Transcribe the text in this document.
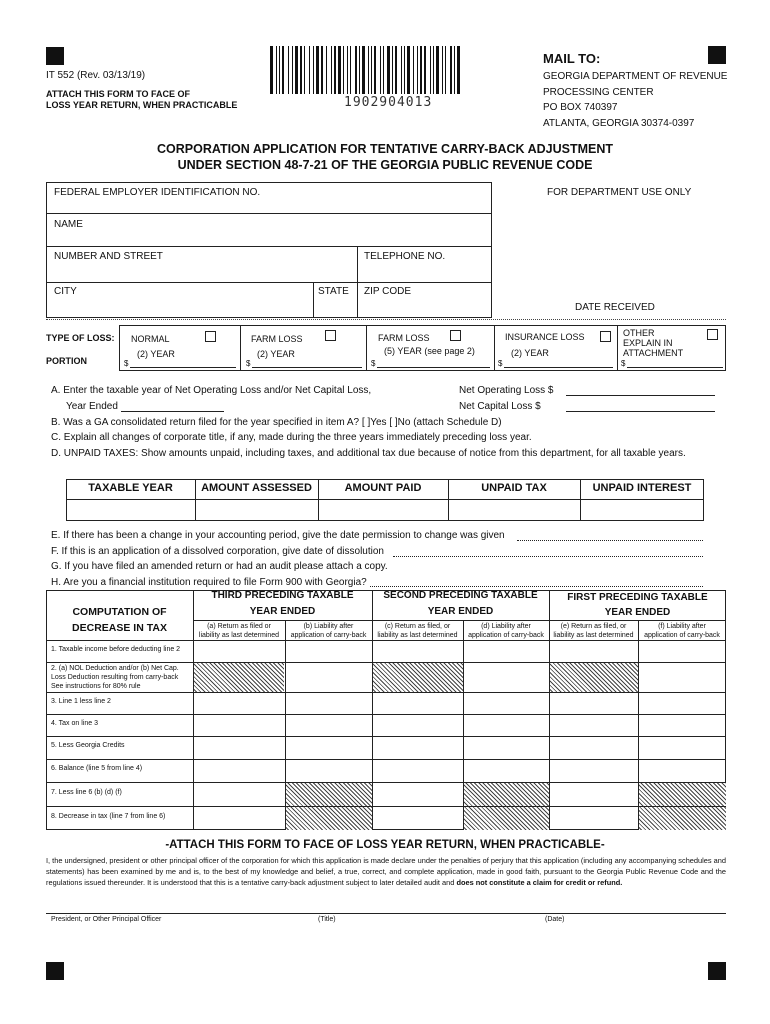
IT 552 (Rev. 03/13/19)
ATTACH THIS FORM TO FACE OF
LOSS YEAR RETURN, WHEN PRACTICABLE	1902904013
MAIL TO:
GEORGIA DEPARTMENT OF REVENUE
PROCESSING CENTER
PO BOX 740397
ATLANTA, GEORGIA 30374-0397
CORPORATION APPLICATION FOR TENTATIVE CARRY-BACK ADJUSTMENT
UNDER SECTION 48-7-21 OF THE GEORGIA PUBLIC REVENUE CODE
FEDERAL EMPLOYER IDENTIFICATION NO.
NAME
NUMBER AND STREET	TELEPHONE NO.
CITY	STATE ZIP CODE
FOR DEPARTMENT USE ONLY
DATE RECEIVED
TYPE OF LOSS:
PORTION
NORMAL
(2) YEAR
$
FARM LOSS
(2) YEAR
$
FARM LOSS
(5) YEAR (see page 2)
$
INSURANCE LOSS
(2) YEAR
$
OTHER
EXPLAIN IN
ATTACHMENT
$
A. Enter the taxable year of Net Operating Loss and/or Net Capital Loss,
Year Ended
Net Operating Loss $
Net Capital Loss $
B. Was a GA consolidated return filed for the year specified in item A? [ ]Yes [ ]No (attach Schedule D)
C. Explain all changes of corporate title, if any, made during the three years immediately preceding loss year.
D. UNPAID TAXES: Show amounts unpaid, including taxes, and additional tax due because of notice from this department, for all taxable years.
TAXABLE YEAR	AMOUNT ASSESSED	AMOUNT PAID	UNPAID TAX	UNPAID INTEREST
E. If there has been a change in your accounting period, give the date permission to change was given
F. If this is an application of a dissolved corporation, give date of dissolution
G. If you have filed an amended return or had an audit please attach a copy.
H. Are you a financial institution required to file Form 900 with Georgia?
COMPUTATION OF
DECREASE IN TAX
THIRD PRECEDING TAXABLE
YEAR ENDED
SECOND PRECEDING TAXABLE
YEAR ENDED
FIRST PRECEDING TAXABLE
YEAR ENDED
(a) Return as filed or
liability as last determined
(b) Liability after
application of carry-back
(c) Return as filed, or
liability as last determined
(d) Liability after
application of carry-back
(e) Return as filed, or
liability as last determined
(f) Liability after
application of carry-back
1. Taxable income before deducting line 2
2. (a) NOL Deduction and/or (b) Net Cap. Loss Deduction resulting from carry-back See instructions for 80% rule
3. Line 1 less line 2
4. Tax on line 3
5. Less Georgia Credits
6. Balance (line 5 from line 4)
7. Less line 6 (b) (d) (f)
8. Decrease in tax (line 7 from line 6)
-ATTACH THIS FORM TO FACE OF LOSS YEAR RETURN, WHEN PRACTICABLE-
I, the undersigned, president or other principal officer of the corporation for which this application is made declare under the penalties of perjury that this application (including any accompanying schedules and statements) has been examined by me and is, to the best of my knowledge and belief, a true, correct, and complete application, made in good faith, pursuant to the Georgia Public Revenue Code and the regulations issued thereunder. It is understood that this is a tentative carry-back adjustment subject to later detailed audit and does not constitute a claim for credit or refund.
President, or Other Principal Officer	(Title)	(Date)
